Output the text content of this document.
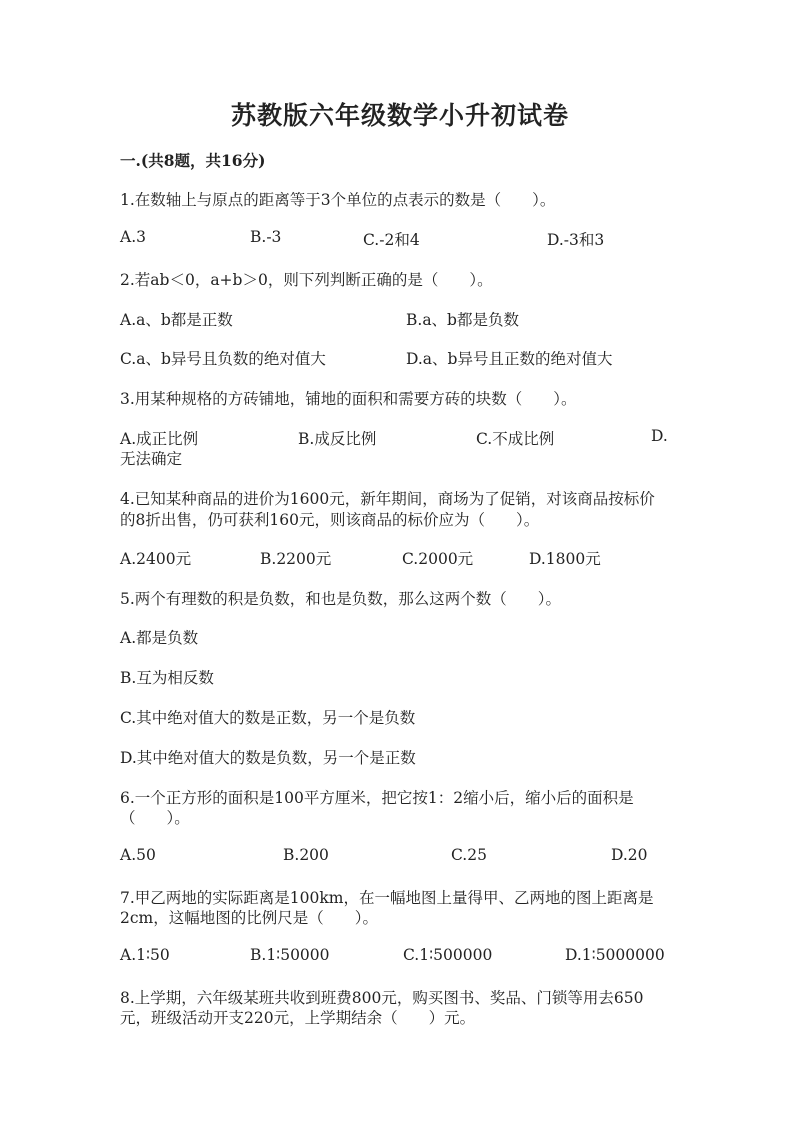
苏教版六年级数学小升初试卷
一.(共8题，共16分)
1.在数轴上与原点的距离等于3个单位的点表示的数是（　　）。
A.3	B.-3	C.-2和4	D.-3和3
2.若ab＜0，a+b＞0，则下列判断正确的是（　　）。
A.a、b都是正数	B.a、b都是负数
C.a、b异号且负数的绝对值大	D.a、b异号且正数的绝对值大
3.用某种规格的方砖铺地，铺地的面积和需要方砖的块数（　　）。
A.成正比例	B.成反比例	C.不成比例	D.
无法确定
4.已知某种商品的进价为1600元，新年期间，商场为了促销，对该商品按标价
的8折出售，仍可获利160元，则该商品的标价应为（　　）。
A.2400元	B.2200元	C.2000元	D.1800元
5.两个有理数的积是负数，和也是负数，那么这两个数（　　）。
A.都是负数
B.互为相反数
C.其中绝对值大的数是正数，另一个是负数
D.其中绝对值大的数是负数，另一个是正数
6.一个正方形的面积是100平方厘米，把它按1：2缩小后，缩小后的面积是
（　　）。
A.50	B.200	C.25	D.20
7.甲乙两地的实际距离是100km，在一幅地图上量得甲、乙两地的图上距离是
2cm，这幅地图的比例尺是（　　）。
A.1∶50	B.1∶50000	C.1∶500000	D.1∶5000000
8.上学期，六年级某班共收到班费800元，购买图书、奖品、门锁等用去650
元，班级活动开支220元，上学期结余（　　）元。
